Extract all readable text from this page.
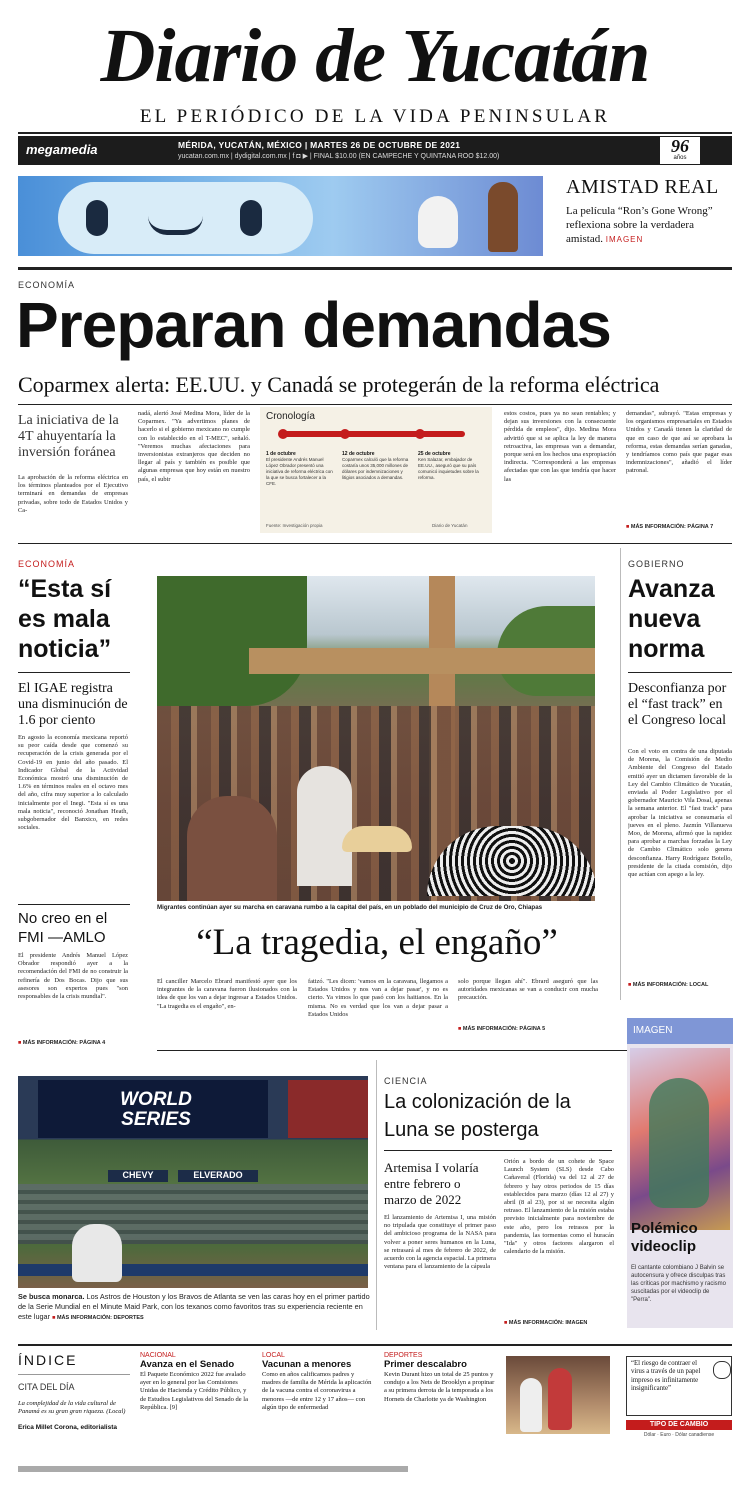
Diario de Yucatán
EL PERIÓDICO DE LA VIDA PENINSULAR
megamedia	MÉRIDA, YUCATÁN, MÉXICO | MARTES 26 DE OCTUBRE DE 2021
yucatan.com.mx | dydigital.com.mx | f ◘ ▶ | FINAL $10.00 (EN CAMPECHE Y QUINTANA ROO $12.00)
96
años
AMISTAD REAL
La película “Ron’s Gone Wrong” reflexiona sobre la verdadera amistad. IMAGEN
ECONOMÍA
Preparan demandas
Coparmex alerta: EE.UU. y Canadá se protegerán de la reforma eléctrica
La iniciativa de la 4T ahuyentaría la inversión foránea
La aprobación de la reforma eléctrica en los términos planteados por el Ejecutivo terminará en demandas de empresas privadas, sobre todo de Estados Unidos y Ca-
nadá, alertó José Medina Mora, líder de la Coparmex. "Ya advertimos planes de hacerlo si el gobierno mexicano no cumple con lo establecido en el T-MEC", señaló. "Veremos muchas afectaciones para inversionistas extranjeros que deciden no llegar al país y también es posible que algunas empresas que hoy están en nuestro país, el subir
Cronología
1 de octubre
El presidente Andrés Manuel López Obrador presentó una iniciativa de reforma eléctrica con la que se busca fortalecer a la CFE.
12 de octubre
Coparmex calculó que la reforma costaría unos 35,000 millones de dólares por indemnizaciones y litigios asociados a demandas.
25 de octubre
Ken Salazar, embajador de EE.UU., aseguró que su país comunicó inquietudes sobre la reforma.
Fuente: Investigación propia	Diario de Yucatán
estos costos, pues ya no sean rentables; y dejan sus inversiones con la consecuente pérdida de empleos", dijo. Medina Mora advirtió que si se aplica la ley de manera retroactiva, las empresas van a demandar, porque será en los hechos una expropiación indirecta. "Corresponderá a las empresas afectadas que con las que tendría que hacer las
demandas", subrayó. "Estas empresas y los organismos empresariales en Estados Unidos y Canadá tienen la claridad de que en caso de que así se aprobara la reforma, estas demandas serían ganadas, y tendríamos como país que pagar esas indemnizaciones", añadió el líder patronal.
■ MÁS INFORMACIÓN: PÁGINA 7
ECONOMÍA
“Esta sí es mala noticia”
El IGAE registra una disminución de 1.6 por ciento
En agosto la economía mexicana reportó su peor caída desde que comenzó su recuperación de la crisis generada por el Covid-19 en junio del año pasado. El Indicador Global de la Actividad Económica mostró una disminución de 1.6% en términos reales en el octavo mes del año, cifra muy superior a lo calculado inicialmente por el Inegi. "Esta sí es una mala noticia", reconoció Jonathan Heath, subgobernador del Banxico, en redes sociales.
No creo en el FMI —AMLO
El presidente Andrés Manuel López Obrador respondió ayer a la recomendación del FMI de no construir la refinería de Dos Bocas. Dijo que sus asesores son expertos pues "son responsables de la crisis mundial".
■ MÁS INFORMACIÓN: PÁGINA 4
Migrantes continúan ayer su marcha en caravana rumbo a la capital del país, en un poblado del municipio de Cruz de Oro, Chiapas
“La tragedia, el engaño”
El canciller Marcelo Ebrard manifestó ayer que los integrantes de la caravana fueron ilusionados con la idea de que los van a dejar ingresar a Estados Unidos. "La tragedia es el engaño", en-
fatizó. "Les dicen: 'vamos en la caravana, llegamos a Estados Unidos y nos van a dejar pasar', y no es cierto. Ya vimos lo que pasó con los haitianos. En la misma. No es verdad que los van a dejar pasar a Estados Unidos
solo porque llegan ahí". Ebrard aseguró que las autoridades mexicanas se van a conducir con mucha precaución.
■ MÁS INFORMACIÓN: PÁGINA 5
GOBIERNO
Avanza nueva norma
Desconfianza por el “fast track” en el Congreso local
Con el voto en contra de una diputada de Morena, la Comisión de Medio Ambiente del Congreso del Estado emitió ayer un dictamen favorable de la Ley del Cambio Climático de Yucatán, enviada al Poder Legislativo por el gobernador Mauricio Vila Dosal, apenas la semana anterior. El "fast track" para aprobar la iniciativa se consumaría el jueves en el pleno. Jazmín Villanueva Moo, de Morena, afirmó que la rapidez para aprobar a marchas forzadas la Ley de Cambio Climático solo genera desconfianza. Harry Rodríguez Botello, presidente de la citada comisión, dijo que actúan con apego a la ley.
■ MÁS INFORMACIÓN: LOCAL
WORLD SERIES
CHEVY	ELVERADO
Se busca monarca. Los Astros de Houston y los Bravos de Atlanta se ven las caras hoy en el primer partido de la Serie Mundial en el Minute Maid Park, con los texanos como favoritos tras su experiencia reciente en este lugar ■ MÁS INFORMACIÓN: DEPORTES
CIENCIA
La colonización de la Luna se posterga
Artemisa I volaría entre febrero o marzo de 2022
El lanzamiento de Artemisa I, una misión no tripulada que constituye el primer paso del ambicioso programa de la NASA para volver a poner seres humanos en la Luna, se retrasará al mes de febrero de 2022, de acuerdo con la agencia espacial. La primera ventana para el lanzamiento de la cápsula
Orión a bordo de un cohete de Space Launch System (SLS) desde Cabo Cañaveral (Florida) va del 12 al 27 de febrero y hay otros periodos de 15 días establecidos para marzo (días 12 al 27) y abril (8 al 23), por si se necesita algún retraso. El lanzamiento de la misión estaba previsto inicialmente para noviembre de este año, pero los retrasos por la pandemia, las tormentas como el huracán "Ida" y otros factores alargaron el calendario de la misión.
■ MÁS INFORMACIÓN: IMAGEN
IMAGEN
Polémico videoclip
El cantante colombiano J Balvin se autocensura y ofrece disculpas tras las críticas por machismo y racismo suscitadas por el videoclip de "Perra".
ÍNDICE
CITA DEL DÍA
La complejidad de la vida cultural de Panamá es su gran gran riqueza. (Local)
Erica Millet Corona, editorialista
NACIONAL
Avanza en el Senado
El Paquete Económico 2022 fue avalado ayer en lo general por las Comisiones Unidas de Hacienda y Crédito Público, y de Estudios Legislativos del Senado de la República. [9]
LOCAL
Vacunan a menores
Como en años calificamos padres y madres de familia de Mérida la aplicación de la vacuna contra el coronavirus a menores —de entre 12 y 17 años— con algún tipo de enfermedad
DEPORTES
Primer descalabro
Kevin Durant hizo un total de 25 puntos y condujo a los Nets de Brooklyn a propinar a su primera derrota de la temporada a los Hornets de Charlotte ya de Washington
“El riesgo de contraer el virus a través de un papel impreso es infinitamente insignificante”
TIPO DE CAMBIO
Dólar · Euro · Dólar canadiense
